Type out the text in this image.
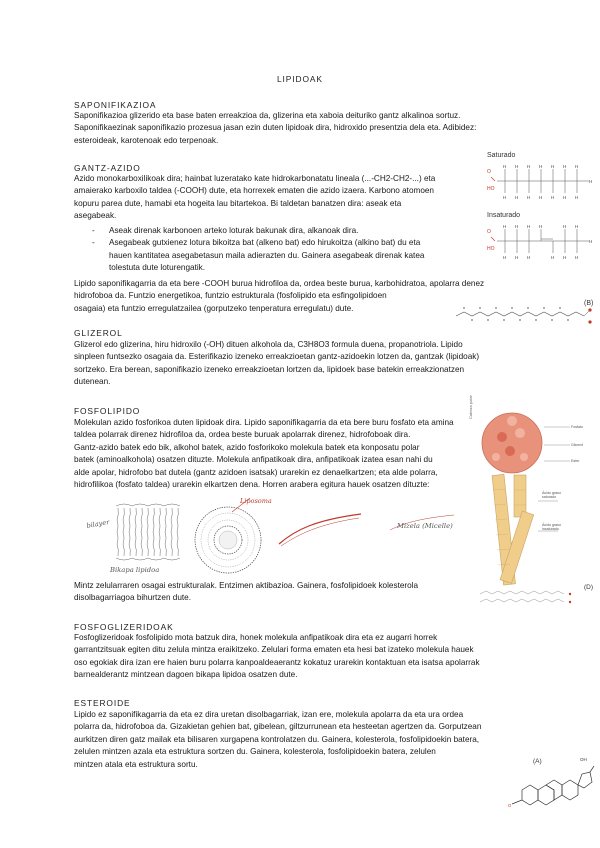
LIPIDOAK
SAPONIFIKAZIOA
Saponifikazioa glizerido eta base baten erreakzioa da, glizerina eta xaboia deituriko gantz alkalinoa sortuz.
Saponifikaezinak saponifikazio prozesua jasan ezin duten lipidoak dira, hidroxido presentzia dela eta. Adibidez:
esteroideak, karotenoak edo terpenoak.
GANTZ-AZIDO
Azido monokarboxilikoak dira; hainbat luzeratako kate hidrokarbonatatu lineala (...-CH2-CH2-...) eta
amaierako karboxilo taldea (-COOH) dute, eta horrexek ematen die azido izaera. Karbono atomoen
kopuru parea dute, hamabi eta hogeita lau bitartekoa. Bi taldetan banatzen dira: aseak eta
asegabeak.
- Aseak direnak karbonoen arteko loturak bakunak dira, alkanoak dira.
- Asegabeak gutxienez lotura bikoitza bat (alkeno bat) edo hirukoitza (alkino bat) du eta
hauen kantitatea asegabetasun maila adierazten du. Gainera asegabeak direnak katea
tolestuta dute loturengatik.
Lipido saponifikagarria da eta bere -COOH burua hidrofiloa da, ordea beste burua, karbohidratoa, apolarra denez
hidrofoboa da. Funtzio energetikoa, funtzio estrukturala (fosfolipido eta esfingolipidoen
osagaia) eta funtzio erregulatzailea (gorputzeko tenperatura erregulatu) dute.
Saturado
O
HO
H H H H H H H
H H H H H H H
H
Insaturado
O
HO
H H H H	H H
H H H	H H H
H
(B)
GLIZEROL
Glizerol edo glizerina, hiru hidroxilo (-OH) dituen alkohola da, C3H8O3 formula duena, propanotriola. Lipido
sinpleen funtsezko osagaia da. Esterifikazio izeneko erreakzioetan gantz-azidoekin lotzen da, gantzak (lipidoak)
sortzeko. Era berean, saponifikazio izeneko erreakzioetan lortzen da, lipidoek base batekin erreakzionatzen
dutenean.
FOSFOLIPIDO
Molekulan azido fosforikoa duten lipidoak dira. Lipido saponifikagarria da eta bere buru fosfato eta amina
taldea polarrak direnez hidrofiloa da, ordea beste buruak apolarrak direnez, hidrofoboak dira.
Gantz-azido batek edo bik, alkohol batek, azido fosforikoko molekula batek eta konposatu polar
batek (aminoalkohola) osatzen dituzte. Molekula anfipatikoak dira, anfipatikoak izatea esan nahi du
alde apolar, hidrofobo bat dutela (gantz azidoen isatsak) urarekin ez denaelkartzen; eta alde polarra,
hidrofilikoa (fosfato taldea) urarekin elkartzen dena. Horren arabera egitura hauek osatzen dituzte:
Cabeza polar
Fosfato
Glicerol
Ester
Ácido graso
saturado
Ácido graso
insaturado
bilayer
Bikapa lipidoa
Liposoma
Mizela (Micelle)
(D)
Mintz zelularraren osagai estrukturalak. Entzimen aktibazioa. Gainera, fosfolipidoek kolesterola
disolbagarriagoa bihurtzen dute.
FOSFOGLIZERIDOAK
Fosfoglizeridoak fosfolipido mota batzuk dira, honek molekula anfipatikoak dira eta ez augarri horrek
garrantzitsuak egiten ditu zelula mintza eraikitzeko. Zelulari forma ematen eta hesi bat izateko molekula hauek
oso egokiak dira izan ere haien buru polarra kanpoaldeaerantz kokatuz urarekin kontaktuan eta isatsa apolarrak
barnealderantz mintzean dagoen bikapa lipidoa osatzen dute.
ESTEROIDE
Lipido ez saponifikagarria da eta ez dira uretan disolbagarriak, izan ere, molekula apolarra da eta ura ordea
polarra da, hidrofoboa da. Gizakietan gehien bat, gibelean, giltzurrunean eta hesteetan agertzen da. Gorputzean
aurkitzen diren gatz mailak eta bilisaren xurgapena kontrolatzen du. Gainera, kolesterola, fosfolipidoekin batera,
zelulen mintzen azala eta estruktura sortzen du. Gainera, kolesterola, fosfolipidoekin batera, zelulen
mintzen atala eta estruktura sortu.	(A)	OH
O
